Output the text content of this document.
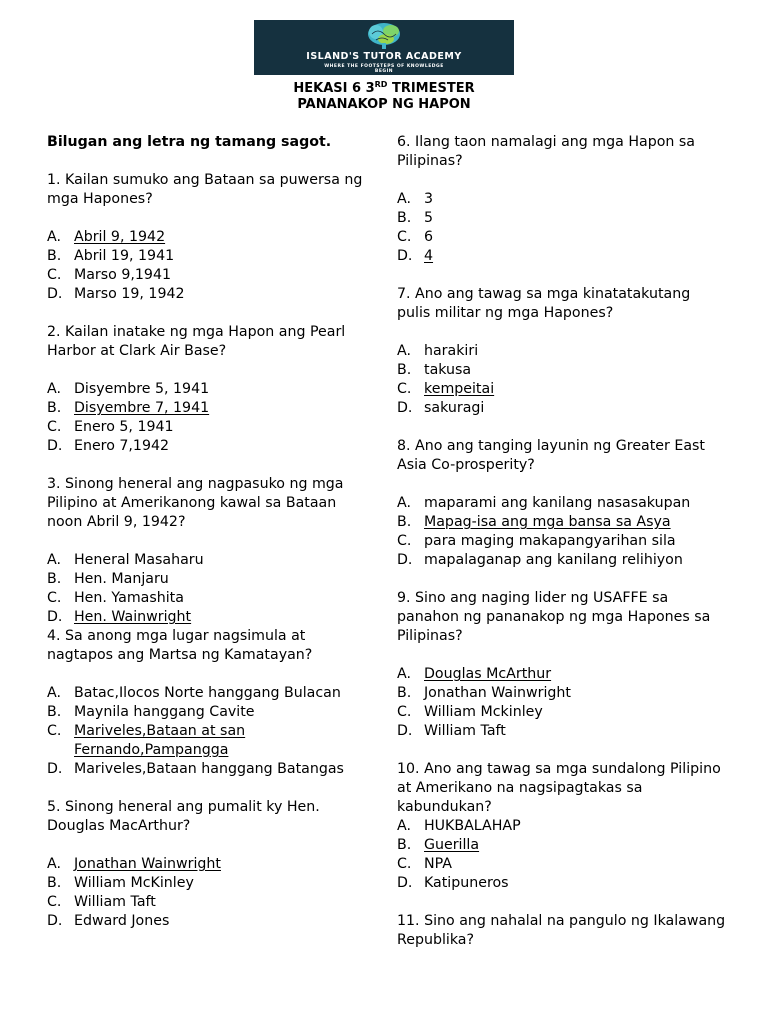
ISLAND'S TUTOR ACADEMY
WHERE THE FOOTSTEPS OF KNOWLEDGE BEGIN
HEKASI 6 3RD TRIMESTER
PANANAKOP NG HAPON
Bilugan ang letra ng tamang sagot.
1. Kailan sumuko ang Bataan sa puwersa ng mga Hapones?
A. Abril 9, 1942
B. Abril 19, 1941
C. Marso 9,1941
D. Marso 19, 1942
2. Kailan inatake ng mga Hapon ang Pearl Harbor at Clark Air Base?
A. Disyembre 5, 1941
B. Disyembre 7, 1941
C. Enero 5, 1941
D. Enero 7,1942
3. Sinong heneral ang nagpasuko ng mga Pilipino at Amerikanong kawal sa Bataan noon Abril 9, 1942?
A. Heneral Masaharu
B. Hen. Manjaru
C. Hen. Yamashita
D. Hen. Wainwright
4. Sa anong mga lugar nagsimula at nagtapos ang Martsa ng Kamatayan?
A. Batac,Ilocos Norte hanggang Bulacan
B. Maynila hanggang Cavite
C. Mariveles,Bataan at san Fernando,Pampangga
D. Mariveles,Bataan hanggang Batangas
5. Sinong heneral ang pumalit ky Hen. Douglas MacArthur?
A. Jonathan Wainwright
B. William McKinley
C. William Taft
D. Edward Jones
6. Ilang taon namalagi ang mga Hapon sa Pilipinas?
A. 3
B. 5
C. 6
D. 4
7. Ano ang tawag sa mga kinatatakutang pulis militar ng mga Hapones?
A. harakiri
B. takusa
C. kempeitai
D. sakuragi
8. Ano ang tanging layunin ng Greater East Asia Co-prosperity?
A. maparami ang kanilang nasasakupan
B. Mapag-isa ang mga bansa sa Asya
C. para maging makapangyarihan sila
D. mapalaganap ang kanilang relihiyon
9. Sino ang naging lider ng USAFFE sa panahon ng pananakop ng mga Hapones sa Pilipinas?
A. Douglas McArthur
B. Jonathan Wainwright
C. William Mckinley
D. William Taft
10. Ano ang tawag sa mga sundalong Pilipino at Amerikano na nagsipagtakas sa kabundukan?
A. HUKBALAHAP
B. Guerilla
C. NPA
D. Katipuneros
11. Sino ang nahalal na pangulo ng Ikalawang Republika?
